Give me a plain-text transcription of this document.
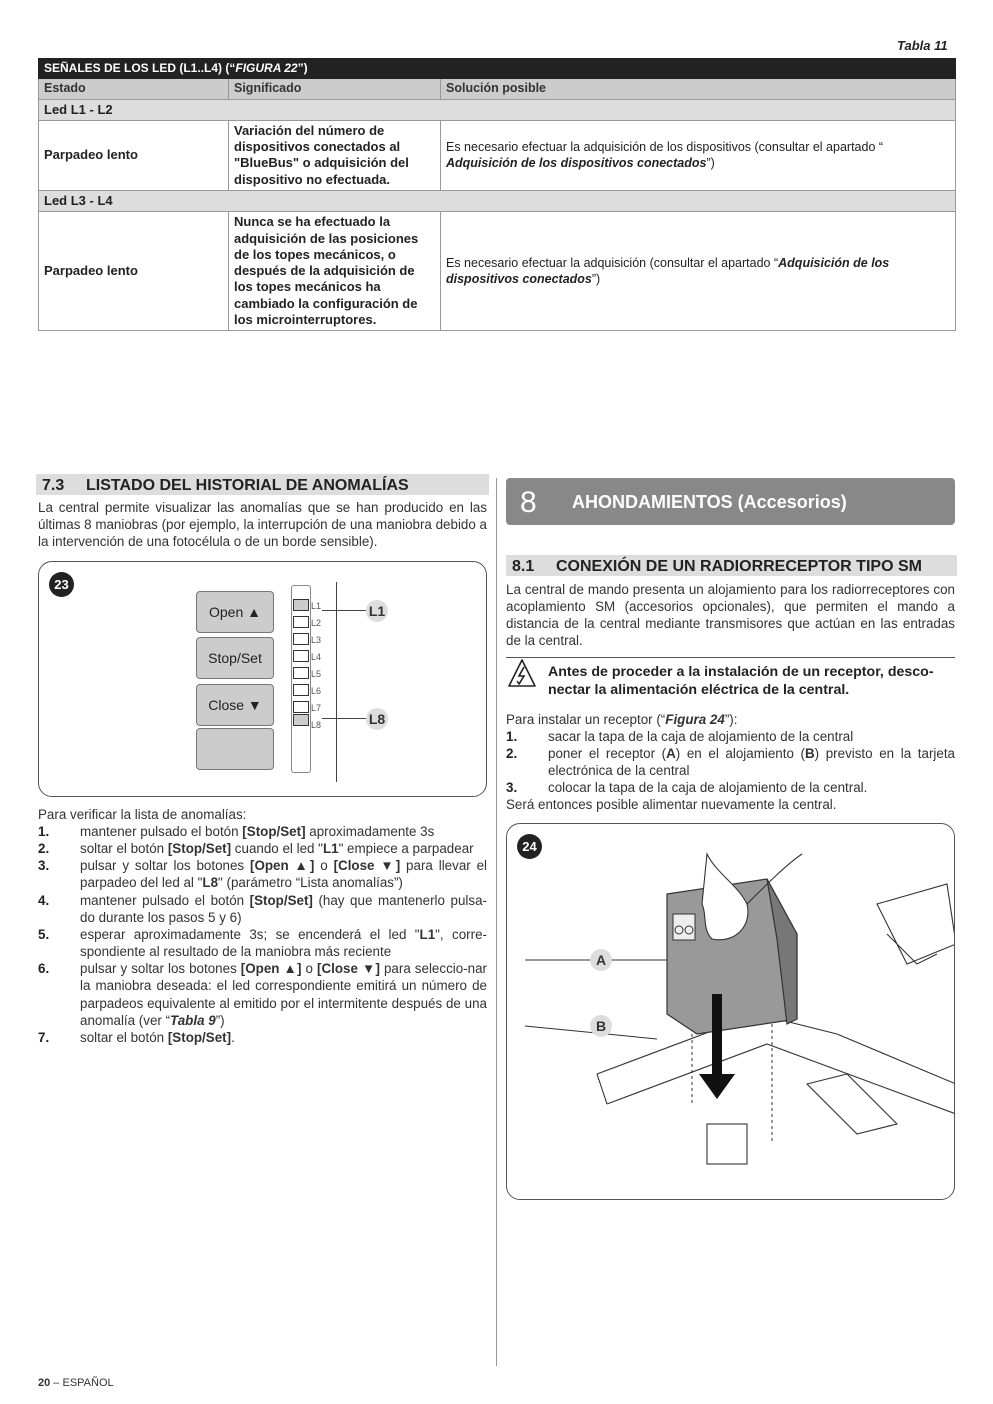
Tabla 11
SEÑALES DE LOS LED (L1..L4) (“FIGURA 22”)		
Estado	Significado	Solución posible
Led L1 - L2		
Parpadeo lento	Variación del número de dispositivos conectados al "BlueBus" o adquisición del dispositivo no efectuada.	Es necesario efectuar la adquisición de los dispositivos (consultar el apartado “
Adquisición de los dispositivos conectados”)
Led L3 - L4		
Parpadeo lento	Nunca se ha efectuado la adquisición de las posiciones de los topes mecánicos, o después de la adquisición de los topes mecánicos ha cambiado la configuración de los microinterruptores.	Es necesario efectuar la adquisición (consultar el apartado “Adquisición de los dispositivos conectados”)
7.3 LISTADO DEL HISTORIAL DE ANOMALÍAS
La central permite visualizar las anomalías que se han producido en las últimas 8 maniobras (por ejemplo, la interrupción de una maniobra debido a la intervención de una fotocélula o de un borde sensible).
23
Open ▲
Stop/Set
Close ▼
L1
L2
L3
L4
L5
L6
L7
L8
L1
L8
Para verificar la lista de anomalías:
1. mantener pulsado el botón [Stop/Set] aproximadamente 3s
2. soltar el botón [Stop/Set] cuando el led "L1" empiece a parpadear
3. pulsar y soltar los botones [Open ▲] o [Close ▼] para llevar el parpadeo del led al "L8" (parámetro “Lista anomalías”)
4. mantener pulsado el botón [Stop/Set] (hay que mantenerlo pulsa-do durante los pasos 5 y 6)
5. esperar aproximadamente 3s; se encenderá el led "L1", corre-spondiente al resultado de la maniobra más reciente
6. pulsar y soltar los botones [Open ▲] o [Close ▼] para seleccio-nar la maniobra deseada: el led correspondiente emitirá un número de parpadeos equivalente al emitido por el intermitente después de una anomalía (ver “Tabla 9”)
7. soltar el botón [Stop/Set].
8 AHONDAMIENTOS (Accesorios)
8.1 CONEXIÓN DE UN RADIORRECEPTOR TIPO SM
La central de mando presenta un alojamiento para los radiorreceptores con acoplamiento SM (accesorios opcionales), que permiten el mando a distancia de la central mediante transmisores que actúan en las entradas de la central.
Antes de proceder a la instalación de un receptor, desco-nectar la alimentación eléctrica de la central.
Para instalar un receptor (“Figura 24”):
1. sacar la tapa de la caja de alojamiento de la central
2. poner el receptor (A) en el alojamiento (B) previsto en la tarjeta electrónica de la central
3. colocar la tapa de la caja de alojamiento de la central.
Será entonces posible alimentar nuevamente la central.
24
A
B
20 – ESPAÑOL
